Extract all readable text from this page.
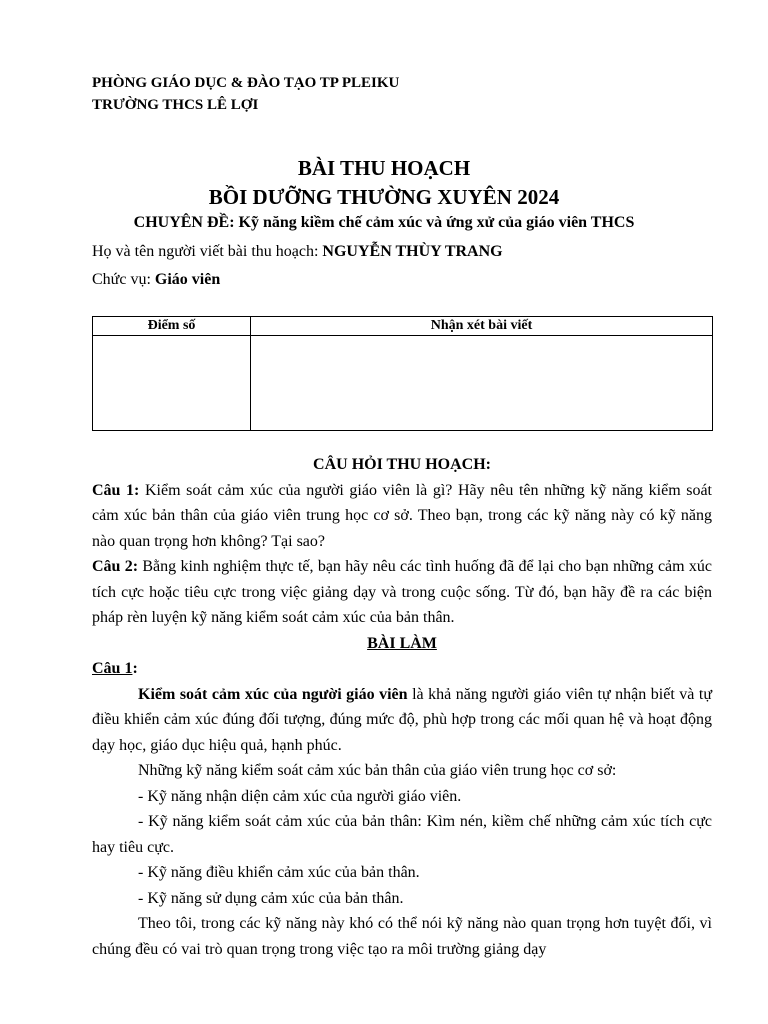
PHÒNG GIÁO DỤC & ĐÀO TẠO TP PLEIKU
TRƯỜNG THCS LÊ LỢI
BÀI THU HOẠCH
BỒI DƯỠNG THƯỜNG XUYÊN 2024
CHUYÊN ĐỀ: Kỹ năng kiềm chế cảm xúc và ứng xử của giáo viên THCS
Họ và tên người viết bài thu hoạch: NGUYỄN THÙY TRANG
Chức vụ: Giáo viên
Điểm số	Nhận xét bài viết

CÂU HỎI THU HOẠCH:

Câu 1: Kiểm soát cảm xúc của người giáo viên là gì? Hãy nêu tên những kỹ năng kiểm soát cảm xúc bản thân của giáo viên trung học cơ sở. Theo bạn, trong các kỹ năng này có kỹ năng nào quan trọng hơn không? Tại sao?

Câu 2: Bằng kinh nghiệm thực tế, bạn hãy nêu các tình huống đã để lại cho bạn những cảm xúc tích cực hoặc tiêu cực trong việc giảng dạy và trong cuộc sống. Từ đó, bạn hãy đề ra các biện pháp rèn luyện kỹ năng kiểm soát cảm xúc của bản thân.

BÀI LÀM

Câu 1:

Kiểm soát cảm xúc của người giáo viên là khả năng người giáo viên tự nhận biết và tự điều khiển cảm xúc đúng đối tượng, đúng mức độ, phù hợp trong các mối quan hệ và hoạt động dạy học, giáo dục hiệu quả, hạnh phúc.

Những kỹ năng kiểm soát cảm xúc bản thân của giáo viên trung học cơ sở:

- Kỹ năng nhận diện cảm xúc của người giáo viên.

- Kỹ năng kiểm soát cảm xúc của bản thân: Kìm nén, kiềm chế những cảm xúc tích cực hay tiêu cực.

- Kỹ năng điều khiển cảm xúc của bản thân.

- Kỹ năng sử dụng cảm xúc của bản thân.

Theo tôi, trong các kỹ năng này khó có thể nói kỹ năng nào quan trọng hơn tuyệt đối, vì chúng đều có vai trò quan trọng trong việc tạo ra môi trường giảng dạy
